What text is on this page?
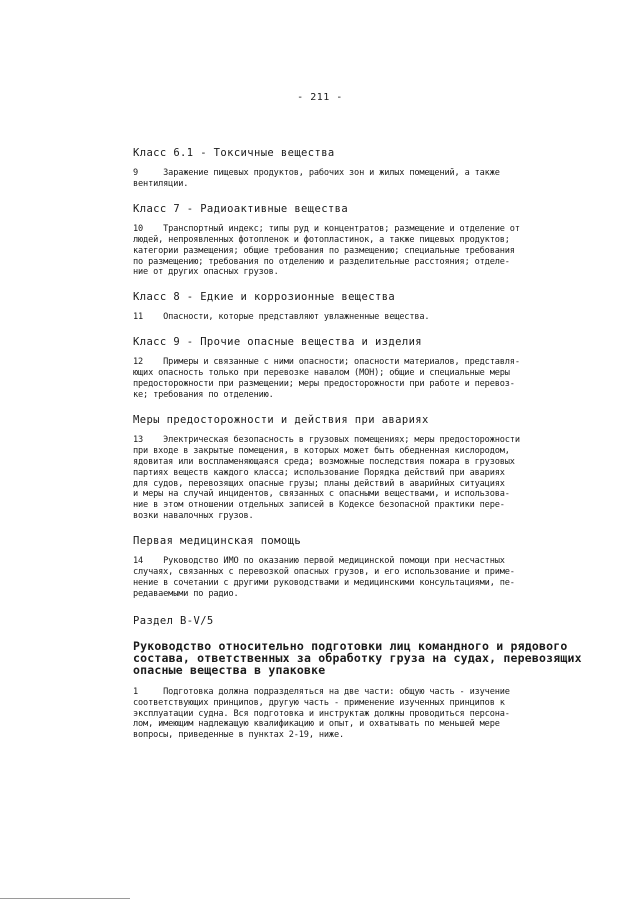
- 211 -
Класс 6.1 - Токсичные вещества
9     Заражение пищевых продуктов, рабочих зон и жилых помещений, а также
вентиляции.
Класс 7 - Радиоактивные вещества
10    Транспортный индекс; типы руд и концентратов; размещение и отделение от
людей, непроявленных фотопленок и фотопластинок, а также пищевых продуктов;
категории размещения; общие требования по размещению; специальные требования
по размещению; требования по отделению и разделительные расстояния; отделе-
ние от других опасных грузов.
Класс 8 - Едкие и коррозионные вещества
11    Опасности, которые представляют увлажненные вещества.
Класс 9 - Прочие опасные вещества и изделия
12    Примеры и связанные с ними опасности; опасности материалов, представля-
ющих опасность только при перевозке навалом (МОН); общие и специальные меры
предосторожности при размещении; меры предосторожности при работе и перевоз-
ке; требования по отделению.
Меры предосторожности и действия при авариях
13    Электрическая безопасность в грузовых помещениях; меры предосторожности
при входе в закрытые помещения, в которых может быть обедненная кислородом,
ядовитая или воспламеняющаяся среда; возможные последствия пожара в грузовых
партиях веществ каждого класса; использование Порядка действий при авариях
для судов, перевозящих опасные грузы; планы действий в аварийных ситуациях
и меры на случай инцидентов, связанных с опасными веществами, и использова-
ние в этом отношении отдельных записей в Кодексе безопасной практики пере-
возки навалочных грузов.
Первая медицинская помощь
14    Руководство ИМО по оказанию первой медицинской помощи при несчастных
случаях, связанных с перевозкой опасных грузов, и его использование и приме-
нение в сочетании с другими руководствами и медицинскими консультациями, пе-
редаваемыми по радио.
Раздел B-V/5
Руководство относительно подготовки лиц командного и рядового
состава, ответственных за обработку груза на судах, перевозящих
опасные вещества в упаковке
1     Подготовка должна подразделяться на две части: общую часть - изучение
соответствующих принципов, другую часть - применение изученных принципов к
эксплуатации судна. Вся подготовка и инструктаж должны проводиться персона-
лом, имеющим надлежащую квалификацию и опыт, и охватывать по меньшей мере
вопросы, приведенные в пунктах 2-19, ниже.
